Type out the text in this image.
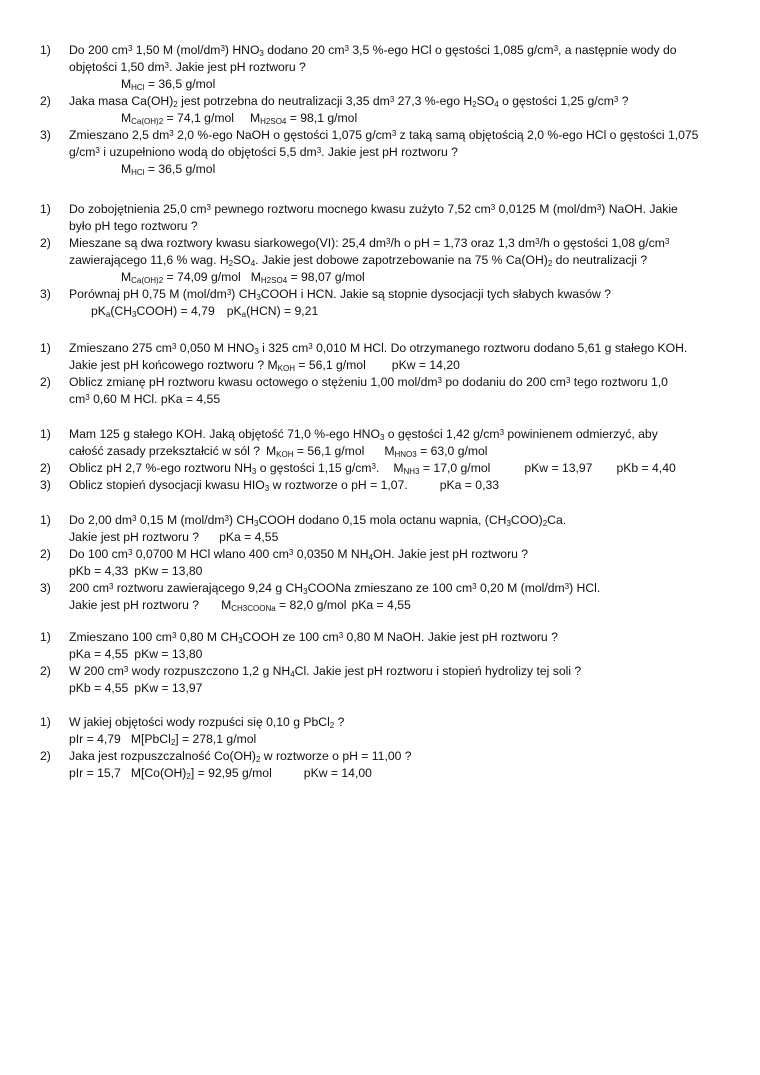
1) Do 200 $cm^3$ 1,50 M $(mol/dm^3)$ $HNO_3$ dodano 20 $cm^3$ 3,5 %-ego HCl o gęstości 1,085 $g/cm^3$, a następnie wody do
objętości 1,50 $dm^3$. Jakie jest pH roztworu ?
$M_{HCl} = 36,5$ g/mol
2) Jaka masa $Ca(OH)_2$ jest potrzebna do neutralizacji 3,35 $dm^3$ 27,3 %-ego $H_2SO_4$ o gęstości 1,25 $g/cm^3$ ?
$M_{Ca(OH)2} = 74,1$ g/mol $M_{H2SO4} = 98,1$ g/mol
3) Zmieszano 2,5 $dm^3$ 2,0 %-ego NaOH o gęstości 1,075 $g/cm^3$ z taką samą objętością 2,0 %-ego HCl o gęstości 1,075
$g/cm^3$ i uzupełniono wodą do objętości 5,5 $dm^3$. Jakie jest pH roztworu ?
$M_{HCl} = 36,5$ g/mol
1) Do zobojętnienia 25,0 $cm^3$ pewnego roztworu mocnego kwasu zużyto 7,52 $cm^3$ 0,0125 M $(mol/dm^3)$ NaOH. Jakie
było pH tego roztworu ?
2) Mieszane są dwa roztwory kwasu siarkowego(VI): 25,4 $dm^3/h$ o pH = 1,73 oraz 1,3 $dm^3/h$ o gęstości 1,08 $g/cm^3$
zawierającego 11,6 % wag. $H_2SO_4$. Jakie jest dobowe zapotrzebowanie na 75 % $Ca(OH)_2$ do neutralizacji ?
$M_{Ca(OH)2} = 74,09$ g/mol $M_{H2SO4} = 98,07$ g/mol
3) Porównaj pH 0,75 M $(mol/dm^3)$ $CH_3COOH$ i HCN. Jakie są stopnie dysocjacji tych słabych kwasów ?
$pK_a(CH_3COOH) = 4,79$ $pK_a(HCN) = 9,21$
1) Zmieszano 275 $cm^3$ 0,050 M $HNO_3$ i 325 $cm^3$ 0,010 M HCl. Do otrzymanego roztworu dodano 5,61 g stałego KOH.
Jakie jest pH końcowego roztworu ? $M_{KOH} = 56,1$ g/mol pKw = 14,20
2) Oblicz zmianę pH roztworu kwasu octowego o stężeniu 1,00 mol/$dm^3$ po dodaniu do 200 $cm^3$ tego roztworu 1,0
$cm^3$ 0,60 M HCl. pKa = 4,55
1) Mam 125 g stałego KOH. Jaką objętość 71,0 %-ego $HNO_3$ o gęstości 1,42 $g/cm^3$ powinienem odmierzyć, aby
całość zasady przekształcić w sól ? $M_{KOH} = 56,1$ g/mol $M_{HNO3} = 63,0$ g/mol
2) Oblicz pH 2,7 %-ego roztworu $NH_3$ o gęstości 1,15 $g/cm^3$. $M_{NH3} = 17,0$ g/mol	pKw = 13,97 pKb = 4,40
3) Oblicz stopień dysocjacji kwasu $HIO_3$ w roztworze o pH = 1,07.	pKa = 0,33
1) Do 2,00 $dm^3$ 0,15 M $(mol/dm^3)$ $CH_3COOH$ dodano 0,15 mola octanu wapnia, $(CH_3COO)_2Ca$.
Jakie jest pH roztworu ? pKa = 4,55
2) Do 100 $cm^3$ 0,0700 M HCl wlano 400 $cm^3$ 0,0350 M $NH_4OH$. Jakie jest pH roztworu ?
pKb = 4,33 pKw = 13,80
3) 200 $cm^3$ roztworu zawierającego 9,24 g $CH_3COONa$ zmieszano ze 100 $cm^3$ 0,20 M $(mol/dm^3)$ HCl.
Jakie jest pH roztworu ? $M_{CH3COONa} = 82,0$ g/mol pKa = 4,55
1) Zmieszano 100 $cm^3$ 0,80 M $CH_3COOH$ ze 100 $cm^3$ 0,80 M NaOH. Jakie jest pH roztworu ?
pKa = 4,55 pKw = 13,80
2) W 200 $cm^3$ wody rozpuszczono 1,2 g $NH_4Cl$. Jakie jest pH roztworu i stopień hydrolizy tej soli ?
pKb = 4,55 pKw = 13,97
1) W jakiej objętości wody rozpuści się 0,10 g PbCl$_2$ ?
pIr = 4,79 M[PbCl$_2$] = 278,1 g/mol
2) Jaka jest rozpuszczalność $Co(OH)_2$ w roztworze o pH = 11,00 ?
pIr = 15,7 $M[Co(OH)_2] = 92,95$ g/mol	pKw = 14,00
